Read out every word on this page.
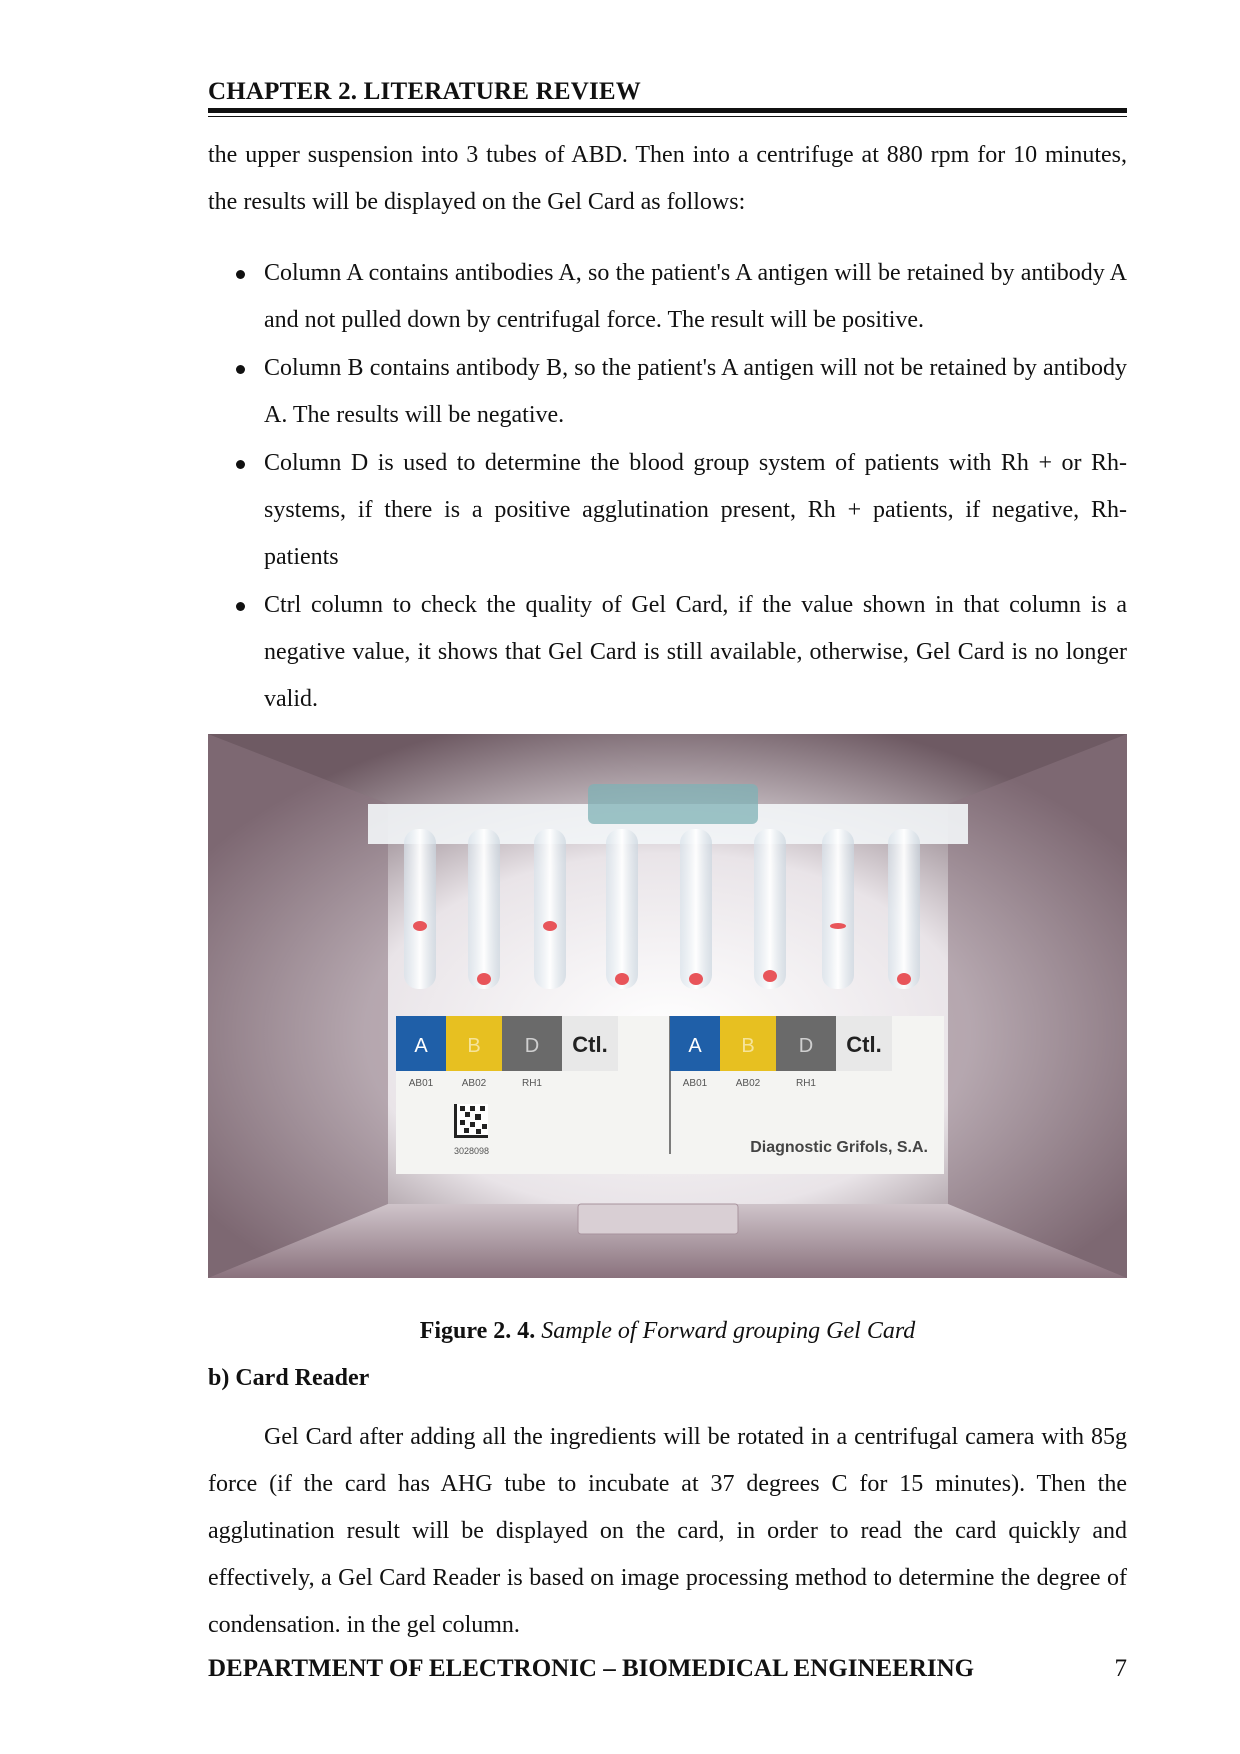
CHAPTER 2. LITERATURE REVIEW
the upper suspension into 3 tubes of ABD. Then into a centrifuge at 880 rpm for 10 minutes, the results will be displayed on the Gel Card as follows:
Column A contains antibodies A, so the patient's A antigen will be retained by antibody A and not pulled down by centrifugal force. The result will be positive.
Column B contains antibody B, so the patient's A antigen will not be retained by antibody A. The results will be negative.
Column D is used to determine the blood group system of patients with Rh + or Rh- systems, if there is a positive agglutination present, Rh + patients, if negative, Rh- patients
Ctrl column to check the quality of Gel Card, if the value shown in that column is a negative value, it shows that Gel Card is still available, otherwise, Gel Card is no longer valid.
A B D Ctl.	A B D Ctl.
AB01	AB02	RH1	AB01	AB02	RH1
3028098	Diagnostic Grifols, S.A.
Figure 2. 4. Sample of Forward grouping Gel Card
b) Card Reader
Gel Card after adding all the ingredients will be rotated in a centrifugal camera with 85g force (if the card has AHG tube to incubate at 37 degrees C for 15 minutes). Then the agglutination result will be displayed on the card, in order to read the card quickly and effectively, a Gel Card Reader is based on image processing method to determine the degree of condensation. in the gel column.
DEPARTMENT OF ELECTRONIC – BIOMEDICAL ENGINEERING	7
